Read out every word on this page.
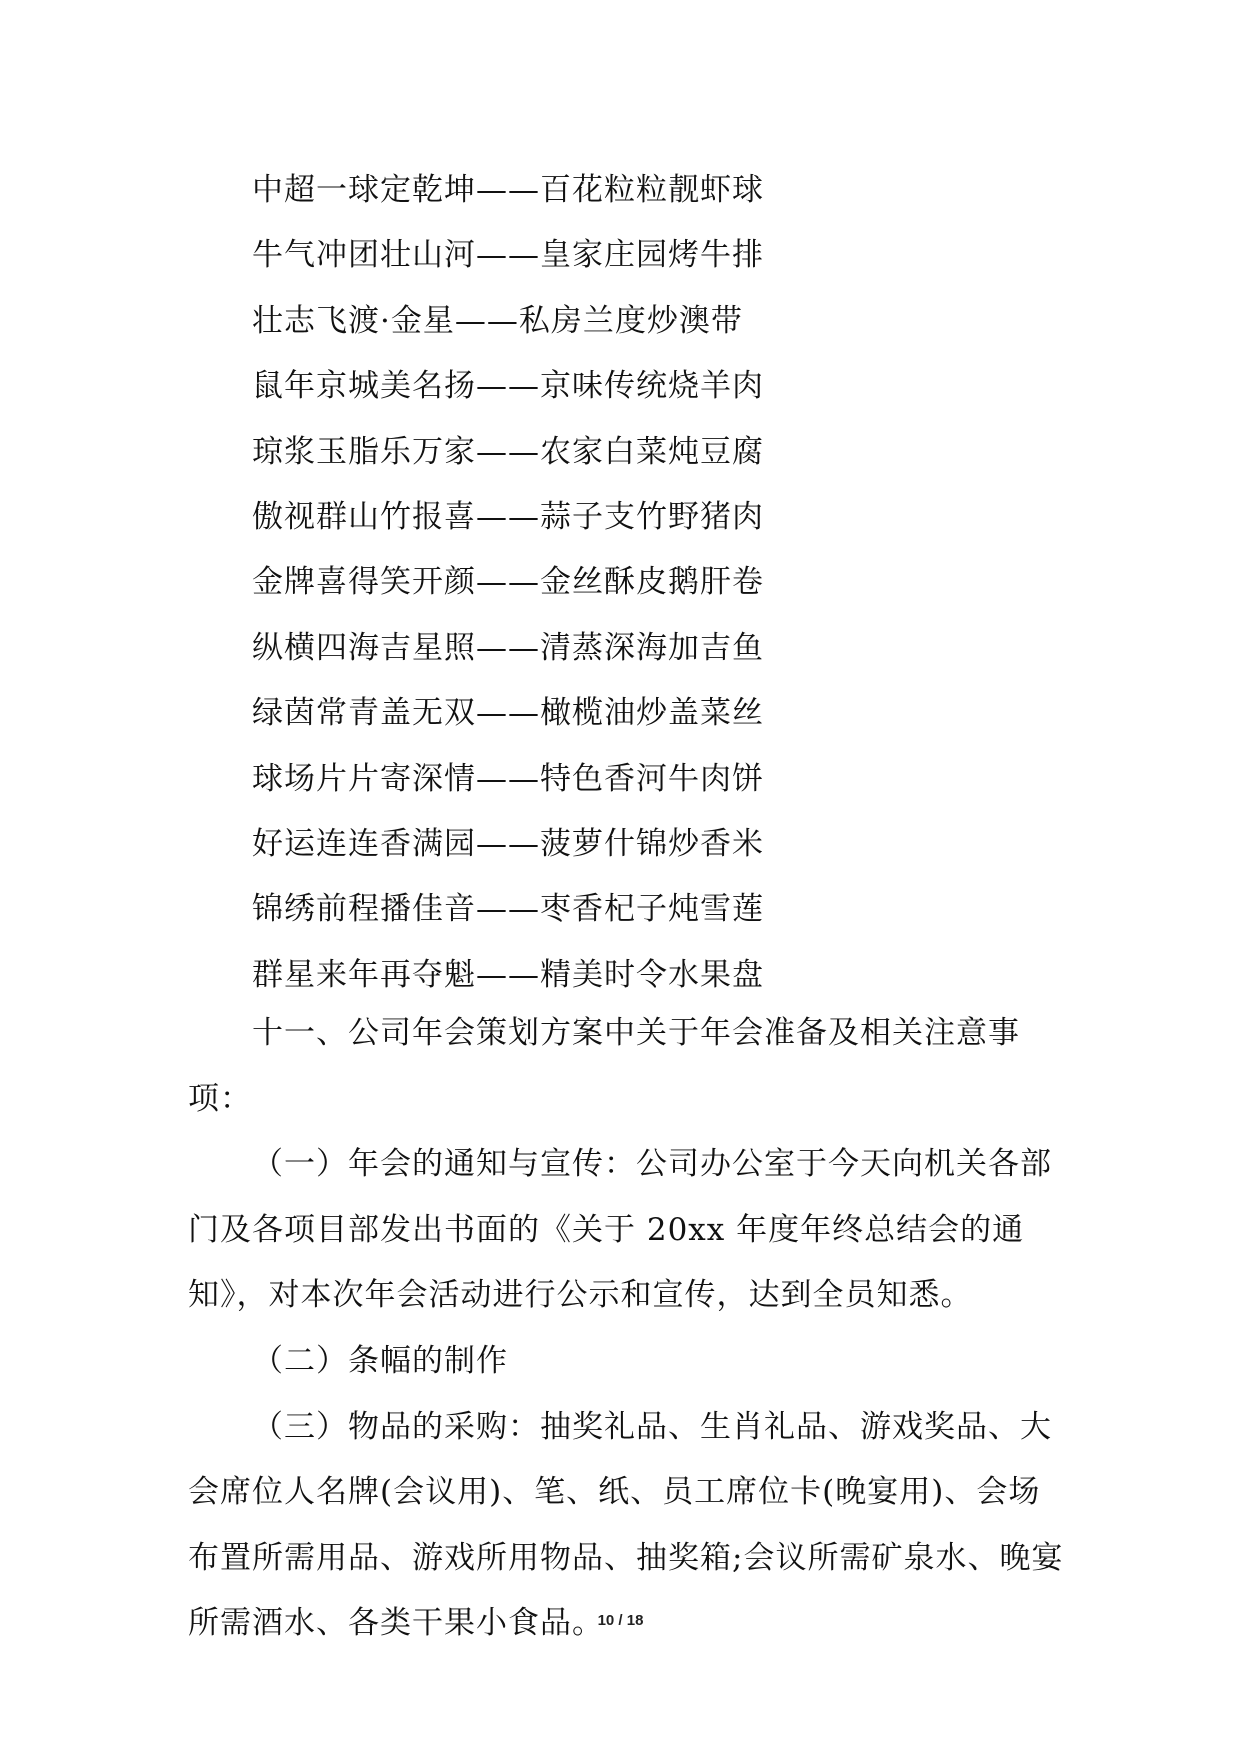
中超一球定乾坤——百花粒粒靓虾球
牛气冲团壮山河——皇家庄园烤牛排
壮志飞渡·金星——私房兰度炒澳带
鼠年京城美名扬——京味传统烧羊肉
琼浆玉脂乐万家——农家白菜炖豆腐
傲视群山竹报喜——蒜子支竹野猪肉
金牌喜得笑开颜——金丝酥皮鹅肝卷
纵横四海吉星照——清蒸深海加吉鱼
绿茵常青盖无双——橄榄油炒盖菜丝
球场片片寄深情——特色香河牛肉饼
好运连连香满园——菠萝什锦炒香米
锦绣前程播佳音——枣香杞子炖雪莲
群星来年再夺魁——精美时令水果盘

十一、公司年会策划方案中关于年会准备及相关注意事项：

（一）年会的通知与宣传：公司办公室于今天向机关各部门及各项目部发出书面的《关于 20xx 年度年终总结会的通知》，对本次年会活动进行公示和宣传，达到全员知悉。

（二）条幅的制作

（三）物品的采购：抽奖礼品、生肖礼品、游戏奖品、大会席位人名牌(会议用)、笔、纸、员工席位卡(晚宴用)、会场布置所需用品、游戏所用物品、抽奖箱;会议所需矿泉水、晚宴所需酒水、各类干果小食品。

10 / 18
